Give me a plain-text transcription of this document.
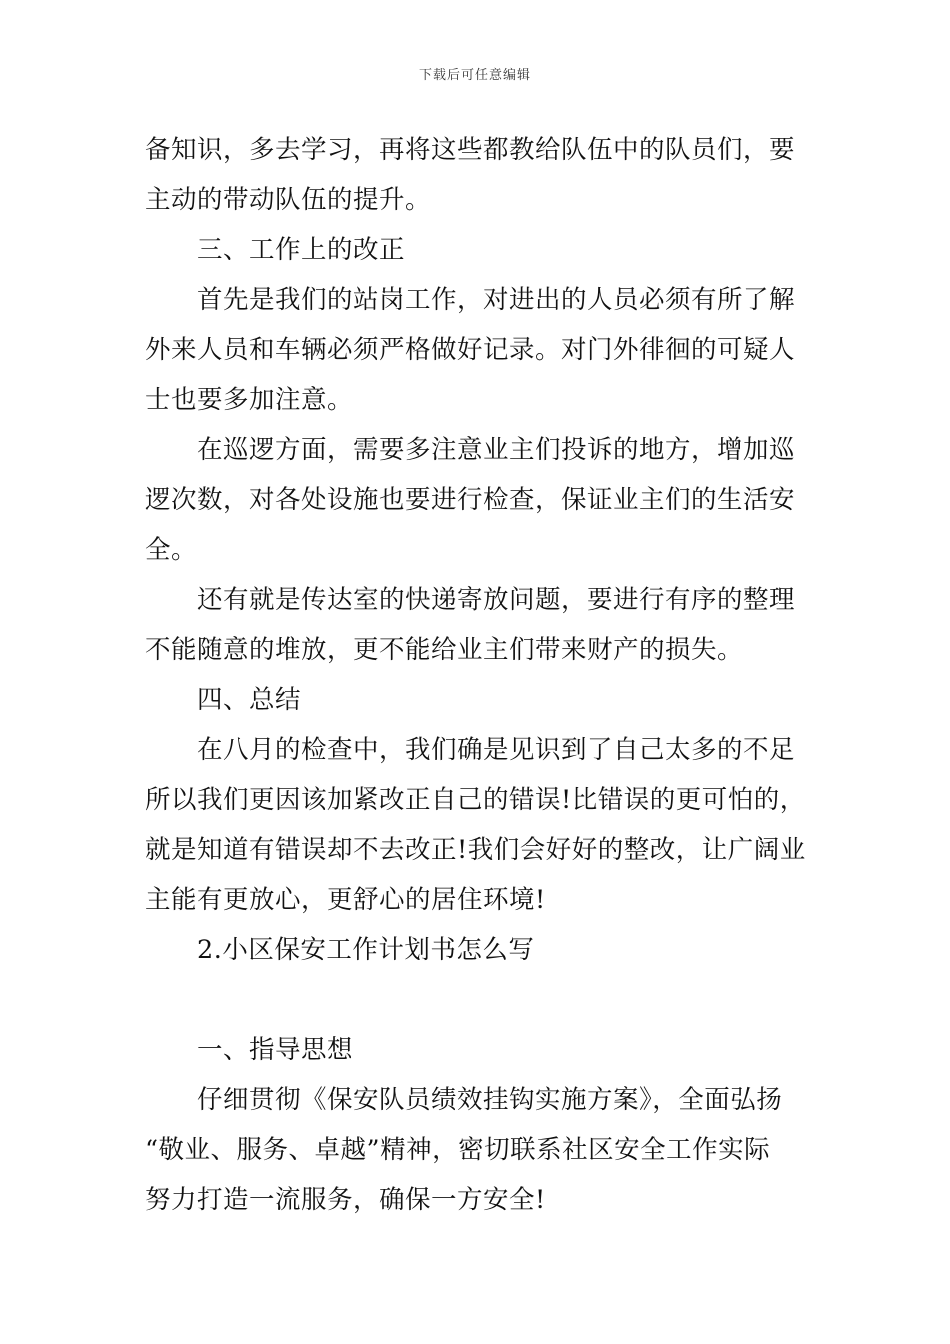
下载后可任意编辑
备知识，多去学习，再将这些都教给队伍中的队员们，要
主动的带动队伍的提升。
三、工作上的改正
首先是我们的站岗工作，对进出的人员必须有所了解
外来人员和车辆必须严格做好记录。对门外徘徊的可疑人
士也要多加注意。
在巡逻方面，需要多注意业主们投诉的地方，增加巡
逻次数，对各处设施也要进行检查，保证业主们的生活安
全。
还有就是传达室的快递寄放问题，要进行有序的整理
不能随意的堆放，更不能给业主们带来财产的损失。
四、总结
在八月的检查中，我们确是见识到了自己太多的不足
所以我们更因该加紧改正自己的错误!比错误的更可怕的，
就是知道有错误却不去改正!我们会好好的整改，让广阔业
主能有更放心，更舒心的居住环境!
2.小区保安工作计划书怎么写
一、指导思想
仔细贯彻《保安队员绩效挂钩实施方案》，全面弘扬
“敬业、服务、卓越”精神，密切联系社区安全工作实际
努力打造一流服务，确保一方安全!
